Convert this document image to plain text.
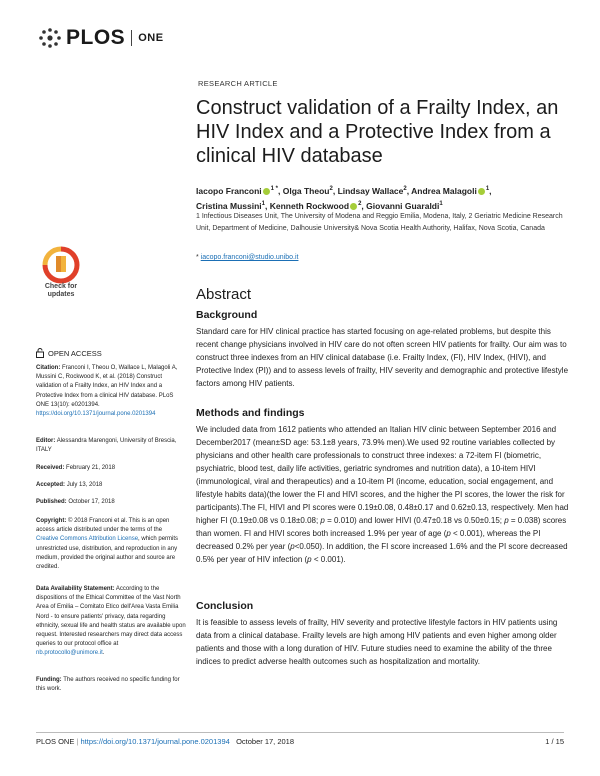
PLOS ONE
RESEARCH ARTICLE
Construct validation of a Frailty Index, an HIV Index and a Protective Index from a clinical HIV database
Iacopo Franconi $^{1 *}$, Olga Theou$^2$, Lindsay Wallace$^2$, Andrea Malagoli $^1$,
Cristina Mussini$^1$, Kenneth Rockwood $^2$, Giovanni Guaraldi$^1$
1 Infectious Diseases Unit, The University of Modena and Reggio Emilia, Modena, Italy, 2 Geriatric Medicine Research Unit, Department of Medicine, Dalhousie University& Nova Scotia Health Authority, Halifax, Nova Scotia, Canada
* iacopo.franconi@studio.unibo.it
Check for updates
OPEN ACCESS
Citation: Franconi I, Theou O, Wallace L, Malagoli A, Mussini C, Rockwood K, et al. (2018) Construct validation of a Frailty Index, an HIV Index and a Protective Index from a clinical HIV database. PLoS ONE 13(10): e0201394. https://doi.org/10.1371/journal.pone.0201394
Editor: Alessandra Marengoni, University of Brescia, ITALY
Received: February 21, 2018
Accepted: July 13, 2018
Published: October 17, 2018
Copyright: © 2018 Franconi et al. This is an open access article distributed under the terms of the Creative Commons Attribution License, which permits unrestricted use, distribution, and reproduction in any medium, provided the original author and source are credited.
Data Availability Statement: According to the dispositions of the Ethical Committee of the Vast North Area of Emilia – Comitato Etico dell'Area Vasta Emilia Nord - to ensure patients' privacy, data regarding ethnicity, sexual life and health status are available upon request. Interested researchers may direct data access queries to our protocol office at nb.protocollo@unimore.it.
Funding: The authors received no specific funding for this work.
Abstract
Background
Standard care for HIV clinical practice has started focusing on age-related problems, but despite this recent change physicians involved in HIV care do not often screen HIV patients for frailty. Our aim was to construct three indexes from an HIV clinical database (i.e. Frailty Index, (FI), HIV Index, (HIVI), and Protective Index (PI)) and to assess levels of frailty, HIV severity and demographic and protective lifestyle factors among HIV patients.
Methods and findings
We included data from 1612 patients who attended an Italian HIV clinic between September 2016 and December2017 (mean±SD age: 53.1±8 years, 73.9% men).We used 92 routine variables collected by physicians and other health care professionals to construct three indexes: a 72-item FI (biometric, psychiatric, blood test, daily life activities, geriatric syndromes and nutrition data), a 10-item HIVI (immunological, viral and therapeutics) and a 10-item PI (income, education, social engagement, and lifestyle habits data)(the lower the FI and HIVI scores, and the higher the PI scores, the lower the risk for participants).The FI, HIVI and PI scores were 0.19±0.08, 0.48±0.17 and 0.62±0.13, respectively. Men had higher FI (0.19±0.08 vs 0.18±0.08; p = 0.010) and lower HIVI (0.47±0.18 vs 0.50±0.15; p = 0.038) scores than women. FI and HIVI scores both increased 1.9% per year of age (p < 0.001), whereas the PI decreased 0.2% per year (p<0.050). In addition, the FI score increased 1.6% and the PI score decreased 0.5% per year of HIV infection (p < 0.001).
Conclusion
It is feasible to assess levels of frailty, HIV severity and protective lifestyle factors in HIV patients using data from a clinical database. Frailty levels are high among HIV patients and even higher among older patients and those with a long duration of HIV. Future studies need to examine the ability of the three indices to predict adverse health outcomes such as hospitalization and mortality.
PLOS ONE | https://doi.org/10.1371/journal.pone.0201394 October 17, 2018	1 / 15
